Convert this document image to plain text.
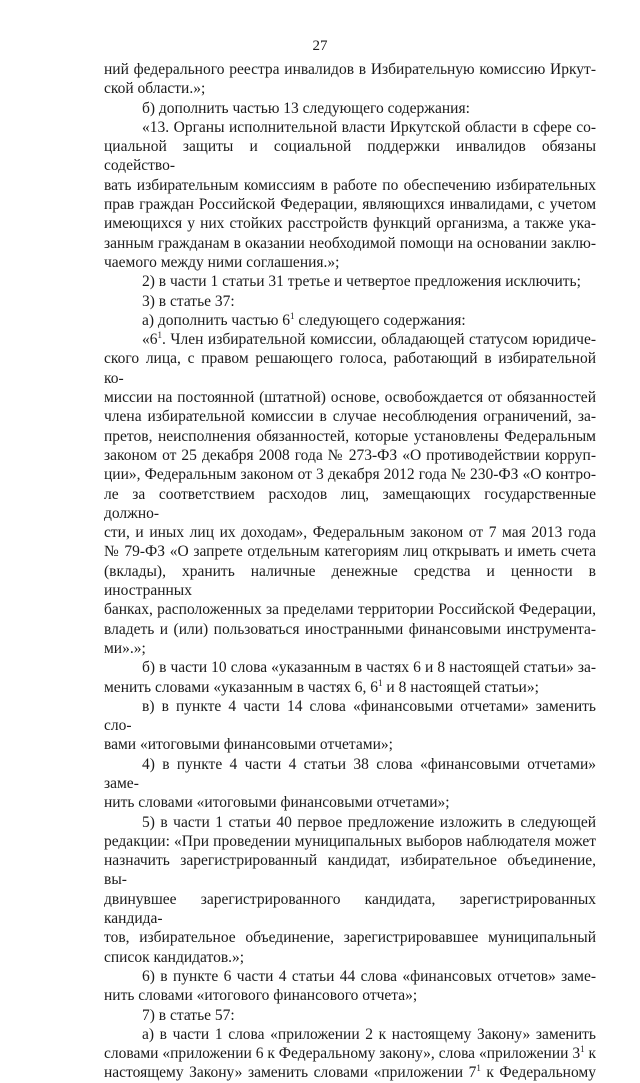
27

ний федерального реестра инвалидов в Избирательную комиссию Иркут-

ской области.»;

б) дополнить частью 13 следующего содержания:

«13. Органы исполнительной власти Иркутской области в сфере со-

циальной защиты и социальной поддержки инвалидов обязаны содейство-

вать избирательным комиссиям в работе по обеспечению избирательных

прав граждан Российской Федерации, являющихся инвалидами, с учетом

имеющихся у них стойких расстройств функций организма, а также ука-

занным гражданам в оказании необходимой помощи на основании заклю-

чаемого между ними соглашения.»;

2) в части 1 статьи 31 третье и четвертое предложения исключить;

3) в статье 37:

а) дополнить частью $6^1$ следующего содержания:

«$6^1$. Член избирательной комиссии, обладающей статусом юридиче-

ского лица, с правом решающего голоса, работающий в избирательной ко-

миссии на постоянной (штатной) основе, освобождается от обязанностей

члена избирательной комиссии в случае несоблюдения ограничений, за-

претов, неисполнения обязанностей, которые установлены Федеральным

законом от 25 декабря 2008 года № 273-ФЗ «О противодействии корруп-

ции», Федеральным законом от 3 декабря 2012 года № 230-ФЗ «О контро-

ле за соответствием расходов лиц, замещающих государственные должно-

сти, и иных лиц их доходам», Федеральным законом от 7 мая 2013 года

№ 79-ФЗ «О запрете отдельным категориям лиц открывать и иметь счета

(вклады), хранить наличные денежные средства и ценности в иностранных

банках, расположенных за пределами территории Российской Федерации,

владеть и (или) пользоваться иностранными финансовыми инструмента-

ми».»;

б) в части 10 слова «указанным в частях 6 и 8 настоящей статьи» за-

менить словами «указанным в частях 6, $6^1$ и 8 настоящей статьи»;

в) в пункте 4 части 14 слова «финансовыми отчетами» заменить сло-

вами «итоговыми финансовыми отчетами»;

4) в пункте 4 части 4 статьи 38 слова «финансовыми отчетами» заме-

нить словами «итоговыми финансовыми отчетами»;

5) в части 1 статьи 40 первое предложение изложить в следующей

редакции: «При проведении муниципальных выборов наблюдателя может

назначить зарегистрированный кандидат, избирательное объединение, вы-

двинувшее зарегистрированного кандидата, зарегистрированных кандида-

тов, избирательное объединение, зарегистрировавшее муниципальный

список кандидатов.»;

6) в пункте 6 части 4 статьи 44 слова «финансовых отчетов» заме-

нить словами «итогового финансового отчета»;

7) в статье 57:

а) в части 1 слова «приложении 2 к настоящему Закону» заменить

словами «приложении 6 к Федеральному закону», слова «приложении $3^1$ к

настоящему Закону» заменить словами «приложении $7^1$ к Федеральному
